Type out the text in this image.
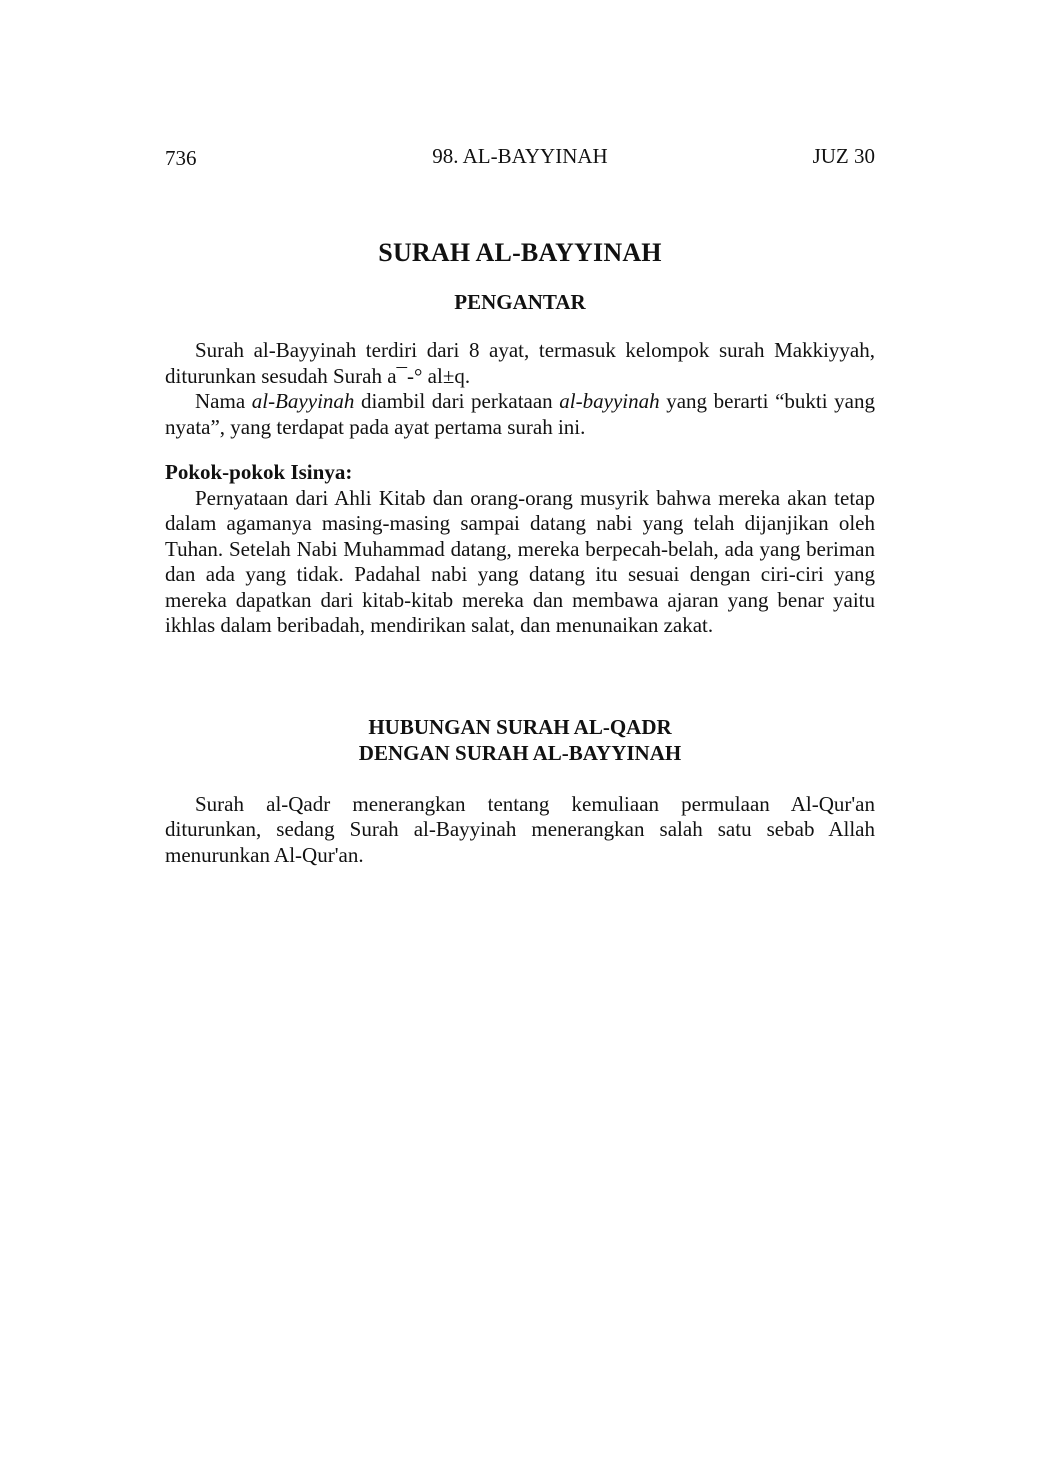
736	98. AL-BAYYINAH	JUZ 30
SURAH AL-BAYYINAH
PENGANTAR

Surah al-Bayyinah terdiri dari 8 ayat, termasuk kelompok surah Makkiyyah, diturunkan sesudah Surah a¯-° al±q.

Nama al-Bayyinah diambil dari perkataan al-bayyinah yang berarti “bukti yang nyata”, yang terdapat pada ayat pertama surah ini.

Pokok-pokok Isinya:

Pernyataan dari Ahli Kitab dan orang-orang musyrik bahwa mereka akan tetap dalam agamanya masing-masing sampai datang nabi yang telah dijanjikan oleh Tuhan. Setelah Nabi Muhammad datang, mereka berpecah-belah, ada yang beriman dan ada yang tidak. Padahal nabi yang datang itu sesuai dengan ciri-ciri yang mereka dapatkan dari kitab-kitab mereka dan membawa ajaran yang benar yaitu ikhlas dalam beribadah, mendirikan salat, dan menunaikan zakat.

HUBUNGAN SURAH AL-QADR
DENGAN SURAH AL-BAYYINAH

Surah al-Qadr menerangkan tentang kemuliaan permulaan Al-Qur'an diturunkan, sedang Surah al-Bayyinah menerangkan salah satu sebab Allah menurunkan Al-Qur'an.
